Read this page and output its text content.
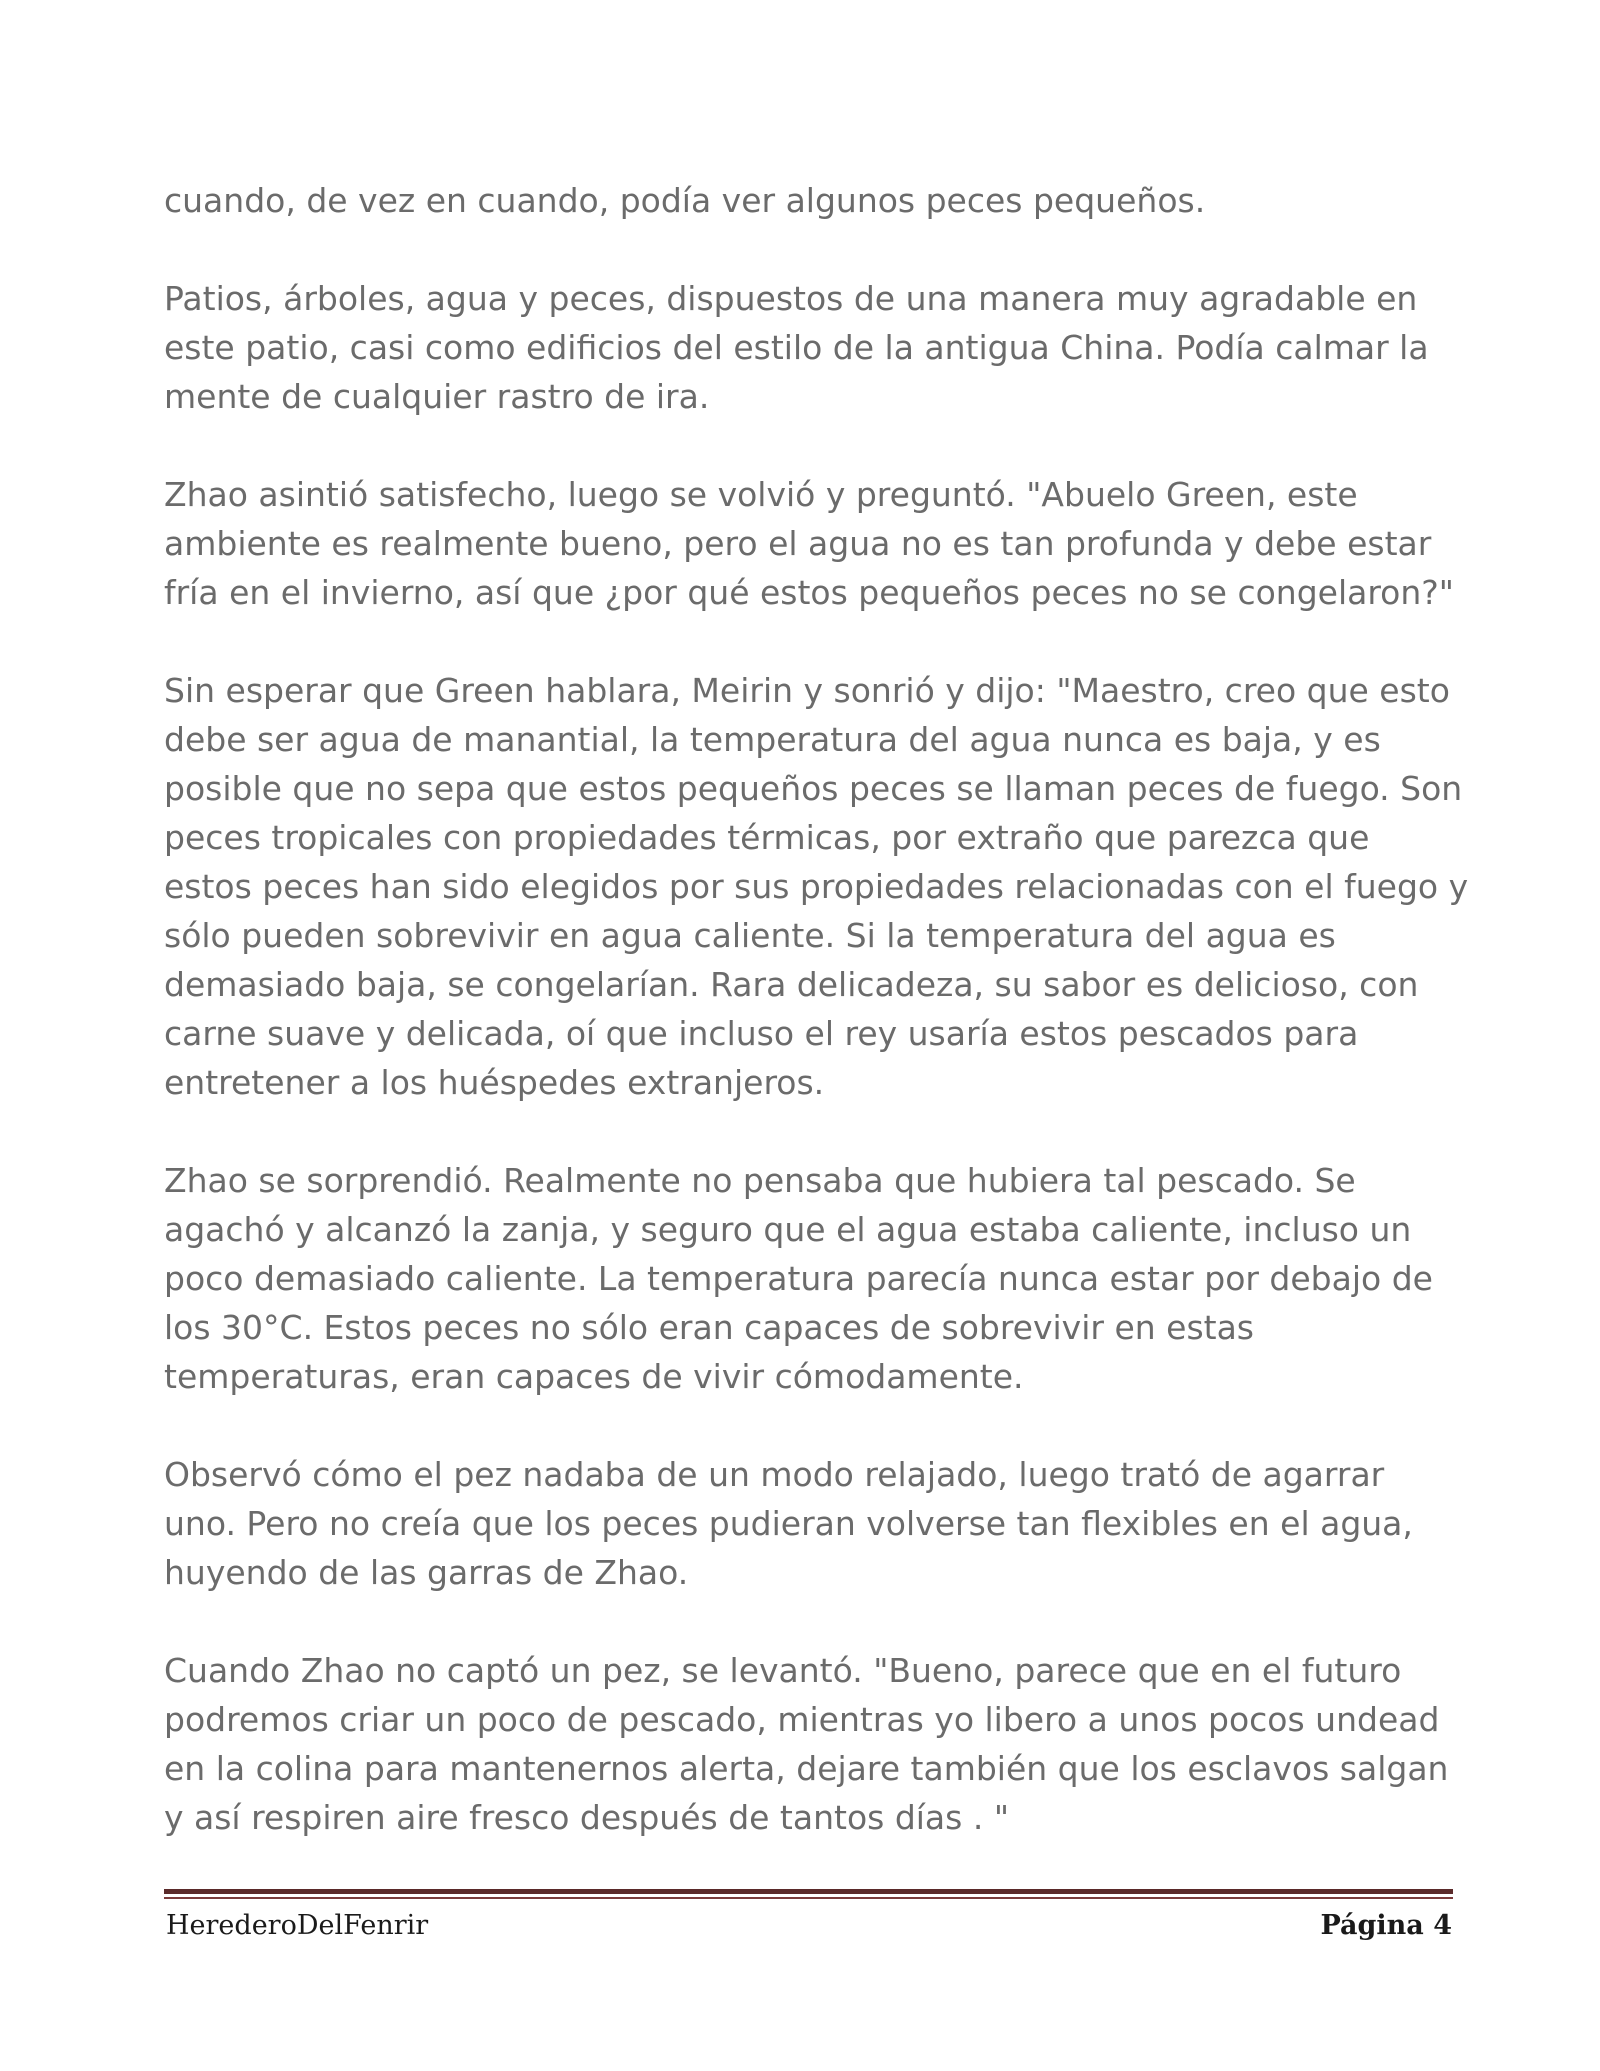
cuando, de vez en cuando, podía ver algunos peces pequeños.

Patios, árboles, agua y peces, dispuestos de una manera muy agradable en
este patio, casi como edificios del estilo de la antigua China. Podía calmar la
mente de cualquier rastro de ira.

Zhao asintió satisfecho, luego se volvió y preguntó. "Abuelo Green, este
ambiente es realmente bueno, pero el agua no es tan profunda y debe estar
fría en el invierno, así que ¿por qué estos pequeños peces no se congelaron?"

Sin esperar que Green hablara, Meirin y sonrió y dijo: "Maestro, creo que esto
debe ser agua de manantial, la temperatura del agua nunca es baja, y es
posible que no sepa que estos pequeños peces se llaman peces de fuego. Son
peces tropicales con propiedades térmicas, por extraño que parezca que
estos peces han sido elegidos por sus propiedades relacionadas con el fuego y
sólo pueden sobrevivir en agua caliente. Si la temperatura del agua es
demasiado baja, se congelarían. Rara delicadeza, su sabor es delicioso, con
carne suave y delicada, oí que incluso el rey usaría estos pescados para
entretener a los huéspedes extranjeros.

Zhao se sorprendió. Realmente no pensaba que hubiera tal pescado. Se
agachó y alcanzó la zanja, y seguro que el agua estaba caliente, incluso un
poco demasiado caliente. La temperatura parecía nunca estar por debajo de
los 30°C. Estos peces no sólo eran capaces de sobrevivir en estas
temperaturas, eran capaces de vivir cómodamente.

Observó cómo el pez nadaba de un modo relajado, luego trató de agarrar
uno. Pero no creía que los peces pudieran volverse tan flexibles en el agua,
huyendo de las garras de Zhao.

Cuando Zhao no captó un pez, se levantó. "Bueno, parece que en el futuro
podremos criar un poco de pescado, mientras yo libero a unos pocos undead
en la colina para mantenernos alerta, dejare también que los esclavos salgan
y así respiren aire fresco después de tantos días . "

HerederoDelFenrir	Página 4
